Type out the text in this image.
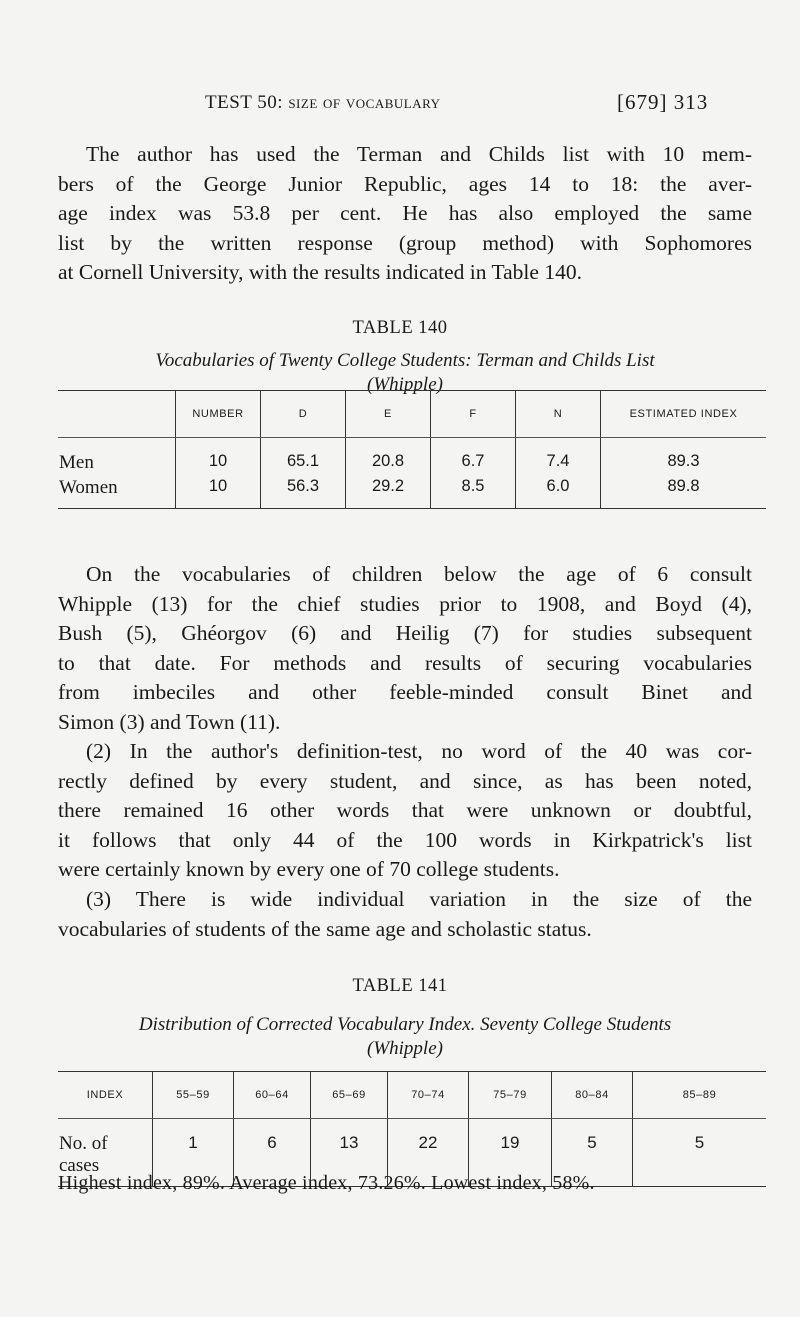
TEST 50: size of vocabulary	[679] 313
The author has used the Terman and Childs list with 10 mem-
bers of the George Junior Republic, ages 14 to 18: the aver-
age index was 53.8 per cent. He has also employed the same
list by the written response (group method) with Sophomores
at Cornell University, with the results indicated in Table 140.
TABLE 140
Vocabularies of Twenty College Students: Terman and Childs List
(Whipple)
	NUMBER	D	E	F	N	ESTIMATED INDEX
Men	10	65.1	20.8	6.7	7.4	89.3
Women	10	56.3	29.2	8.5	6.0	89.8
On the vocabularies of children below the age of 6 consult
Whipple (13) for the chief studies prior to 1908, and Boyd (4),
Bush (5), Ghéorgov (6) and Heilig (7) for studies subsequent
to that date. For methods and results of securing vocabularies
from imbeciles and other feeble-minded consult Binet and
Simon (3) and Town (11).
(2) In the author's definition-test, no word of the 40 was cor-
rectly defined by every student, and since, as has been noted,
there remained 16 other words that were unknown or doubtful,
it follows that only 44 of the 100 words in Kirkpatrick's list
were certainly known by every one of 70 college students.
(3) There is wide individual variation in the size of the
vocabularies of students of the same age and scholastic status.
TABLE 141
Distribution of Corrected Vocabulary Index. Seventy College Students
(Whipple)
INDEX	55–59	60–64	65–69	70–74	75–79	80–84	85–89
No. of cases	1	6	13	22	19	5	5
Highest index, 89%. Average index, 73.26%. Lowest index, 58%.
